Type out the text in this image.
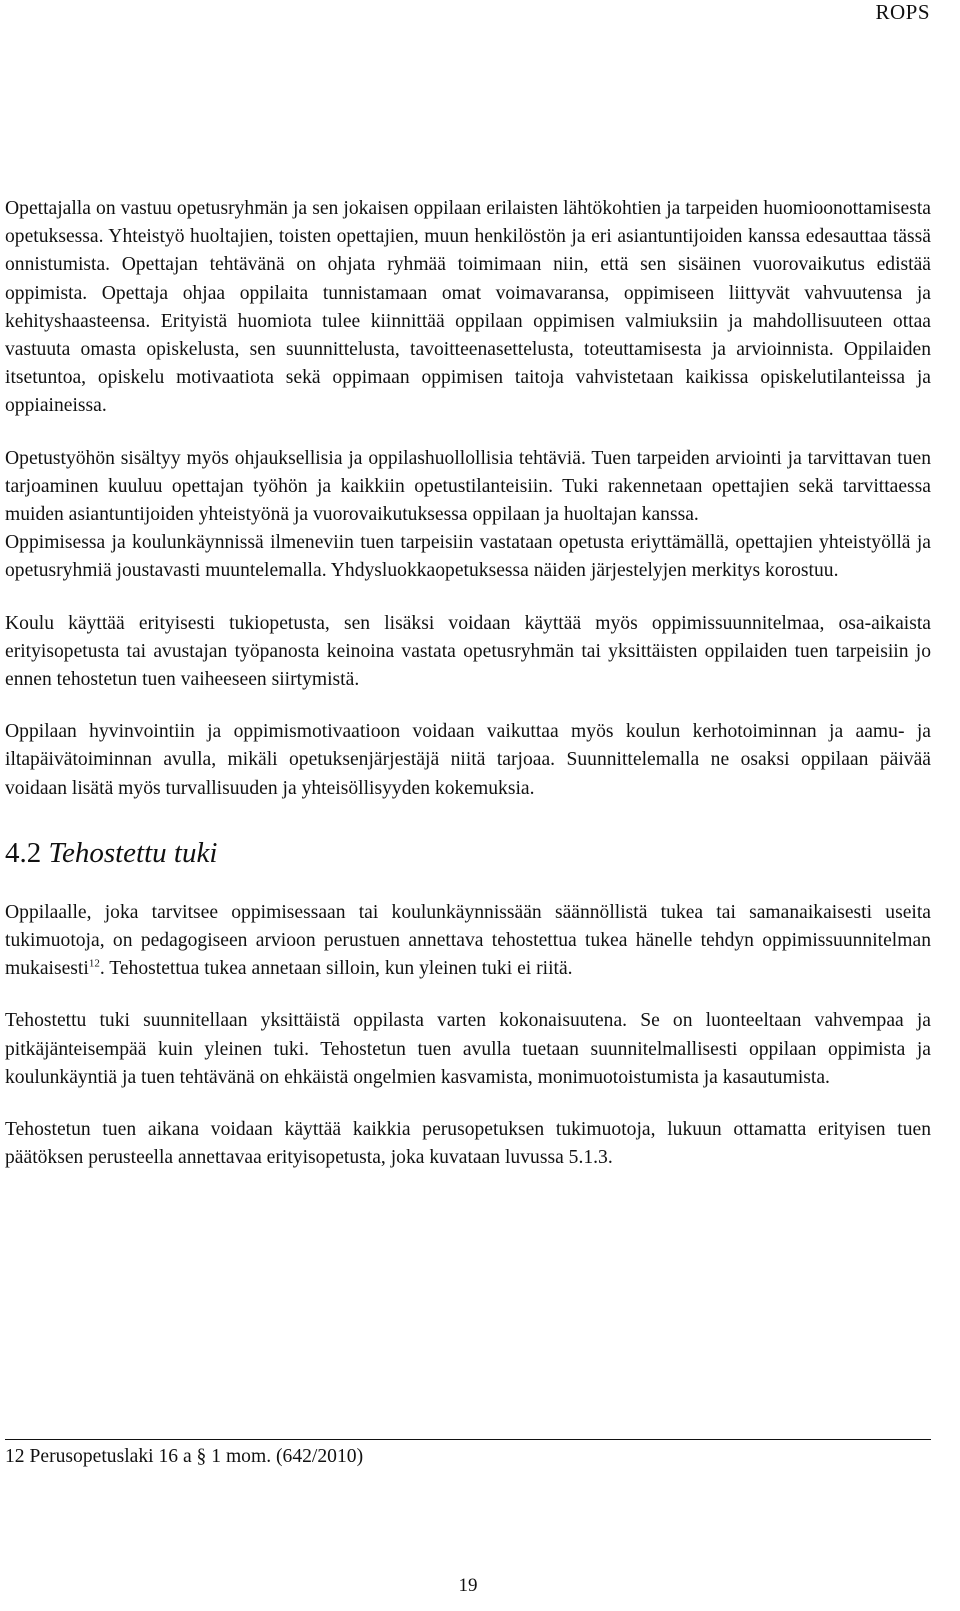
ROPS

Opettajalla on vastuu opetusryhmän ja sen jokaisen oppilaan erilaisten lähtökohtien ja tarpeiden huomioonottamisesta opetuksessa. Yhteistyö huoltajien, toisten opettajien, muun henkilöstön ja eri asiantuntijoiden kanssa edesauttaa tässä onnistumista. Opettajan tehtävänä on ohjata ryhmää toimimaan niin, että sen sisäinen vuorovaikutus edistää oppimista. Opettaja ohjaa oppilaita tunnistamaan omat voimavaransa, oppimiseen liittyvät vahvuutensa ja kehityshaasteensa. Erityistä huomiota tulee kiinnittää oppilaan oppimisen valmiuksiin ja mahdollisuuteen ottaa vastuuta omasta opiskelusta, sen suunnittelusta, tavoitteenasettelusta, toteuttamisesta ja arvioinnista. Oppilaiden itsetuntoa, opiskelu motivaatiota sekä oppimaan oppimisen taitoja vahvistetaan kaikissa opiskelutilanteissa ja oppiaineissa.

Opetustyöhön sisältyy myös ohjauksellisia ja oppilashuollollisia tehtäviä. Tuen tarpeiden arviointi ja tarvittavan tuen tarjoaminen kuuluu opettajan työhön ja kaikkiin opetustilanteisiin. Tuki rakennetaan opettajien sekä tarvittaessa muiden asiantuntijoiden yhteistyönä ja vuorovaikutuksessa oppilaan ja huoltajan kanssa.

Oppimisessa ja koulunkäynnissä ilmeneviin tuen tarpeisiin vastataan opetusta eriyttämällä, opettajien yhteistyöllä ja opetusryhmiä joustavasti muuntelemalla. Yhdysluokkaopetuksessa näiden järjestelyjen merkitys korostuu.

Koulu käyttää erityisesti tukiopetusta, sen lisäksi voidaan käyttää myös oppimissuunnitelmaa, osa-aikaista erityisopetusta tai avustajan työpanosta keinoina vastata opetusryhmän tai yksittäisten oppilaiden tuen tarpeisiin jo ennen tehostetun tuen vaiheeseen siirtymistä.

Oppilaan hyvinvointiin ja oppimismotivaatioon voidaan vaikuttaa myös koulun kerhotoiminnan ja aamu- ja iltapäivätoiminnan avulla, mikäli opetuksenjärjestäjä niitä tarjoaa. Suunnittelemalla ne osaksi oppilaan päivää voidaan lisätä myös turvallisuuden ja yhteisöllisyyden kokemuksia.

4.2 Tehostettu tuki

Oppilaalle, joka tarvitsee oppimisessaan tai koulunkäynnissään säännöllistä tukea tai samanaikaisesti useita tukimuotoja, on pedagogiseen arvioon perustuen annettava tehostettua tukea hänelle tehdyn oppimissuunnitelman mukaisesti$^{12}$. Tehostettua tukea annetaan silloin, kun yleinen tuki ei riitä.

Tehostettu tuki suunnitellaan yksittäistä oppilasta varten kokonaisuutena. Se on luonteeltaan vahvempaa ja pitkäjänteisempää kuin yleinen tuki. Tehostetun tuen avulla tuetaan suunnitelmallisesti oppilaan oppimista ja koulunkäyntiä ja tuen tehtävänä on ehkäistä ongelmien kasvamista, monimuotoistumista ja kasautumista.

Tehostetun tuen aikana voidaan käyttää kaikkia perusopetuksen tukimuotoja, lukuun ottamatta erityisen tuen päätöksen perusteella annettavaa erityisopetusta, joka kuvataan luvussa 5.1.3.

12 Perusopetuslaki 16 a § 1 mom. (642/2010)
19
